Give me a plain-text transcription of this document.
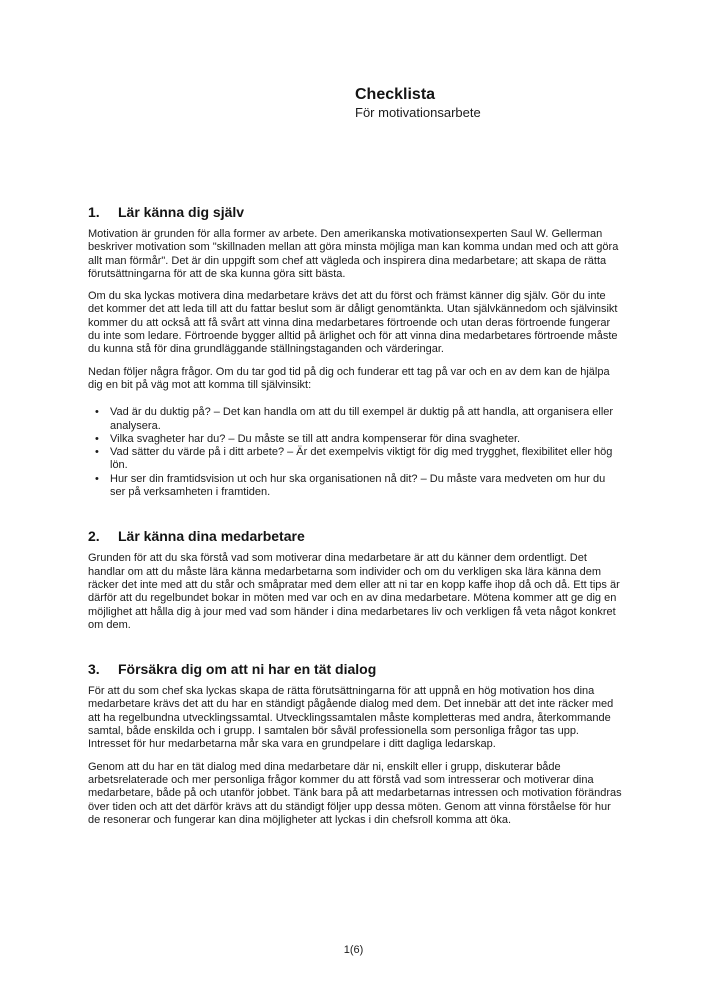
Checklista
För motivationsarbete
1.	Lär känna dig själv

Motivation är grunden för alla former av arbete. Den amerikanska motivationsexperten Saul W. Gellerman beskriver motivation som "skillnaden mellan att göra minsta möjliga man kan komma undan med och att göra allt man förmår". Det är din uppgift som chef att vägleda och inspirera dina medarbetare; att skapa de rätta förutsättningarna för att de ska kunna göra sitt bästa.

Om du ska lyckas motivera dina medarbetare krävs det att du först och främst känner dig själv. Gör du inte det kommer det att leda till att du fattar beslut som är dåligt genomtänkta. Utan självkännedom och självinsikt kommer du att också att få svårt att vinna dina medarbetares förtroende och utan deras förtroende fungerar du inte som ledare. Förtroende bygger alltid på ärlighet och för att vinna dina medarbetares förtroende måste du kunna stå för dina grundläggande ställningstaganden och värderingar.

Nedan följer några frågor. Om du tar god tid på dig och funderar ett tag på var och en av dem kan de hjälpa dig en bit på väg mot att komma till självinsikt:

• Vad är du duktig på? – Det kan handla om att du till exempel är duktig på att handla, att organisera eller analysera.
• Vilka svagheter har du? – Du måste se till att andra kompenserar för dina svagheter.
• Vad sätter du värde på i ditt arbete? – Är det exempelvis viktigt för dig med trygghet, flexibilitet eller hög lön.
• Hur ser din framtidsvision ut och hur ska organisationen nå dit? – Du måste vara medveten om hur du ser på verksamheten i framtiden.
2.	Lär känna dina medarbetare

Grunden för att du ska förstå vad som motiverar dina medarbetare är att du känner dem ordentligt. Det handlar om att du måste lära känna medarbetarna som individer och om du verkligen ska lära känna dem räcker det inte med att du står och småpratar med dem eller att ni tar en kopp kaffe ihop då och då. Ett tips är därför att du regelbundet bokar in möten med var och en av dina medarbetare. Mötena kommer att ge dig en möjlighet att hålla dig à jour med vad som händer i dina medarbetares liv och verkligen få veta något konkret om dem.

3.	Försäkra dig om att ni har en tät dialog

För att du som chef ska lyckas skapa de rätta förutsättningarna för att uppnå en hög motivation hos dina medarbetare krävs det att du har en ständigt pågående dialog med dem. Det innebär att det inte räcker med att ha regelbundna utvecklingssamtal. Utvecklingssamtalen måste kompletteras med andra, återkommande samtal, både enskilda och i grupp. I samtalen bör såväl professionella som personliga frågor tas upp. Intresset för hur medarbetarna mår ska vara en grundpelare i ditt dagliga ledarskap.

Genom att du har en tät dialog med dina medarbetare där ni, enskilt eller i grupp, diskuterar både arbetsrelaterade och mer personliga frågor kommer du att förstå vad som intresserar och motiverar dina medarbetare, både på och utanför jobbet. Tänk bara på att medarbetarnas intressen och motivation förändras över tiden och att det därför krävs att du ständigt följer upp dessa möten. Genom att vinna förståelse för hur de resonerar och fungerar kan dina möjligheter att lyckas i din chefsroll komma att öka.

1(6)
